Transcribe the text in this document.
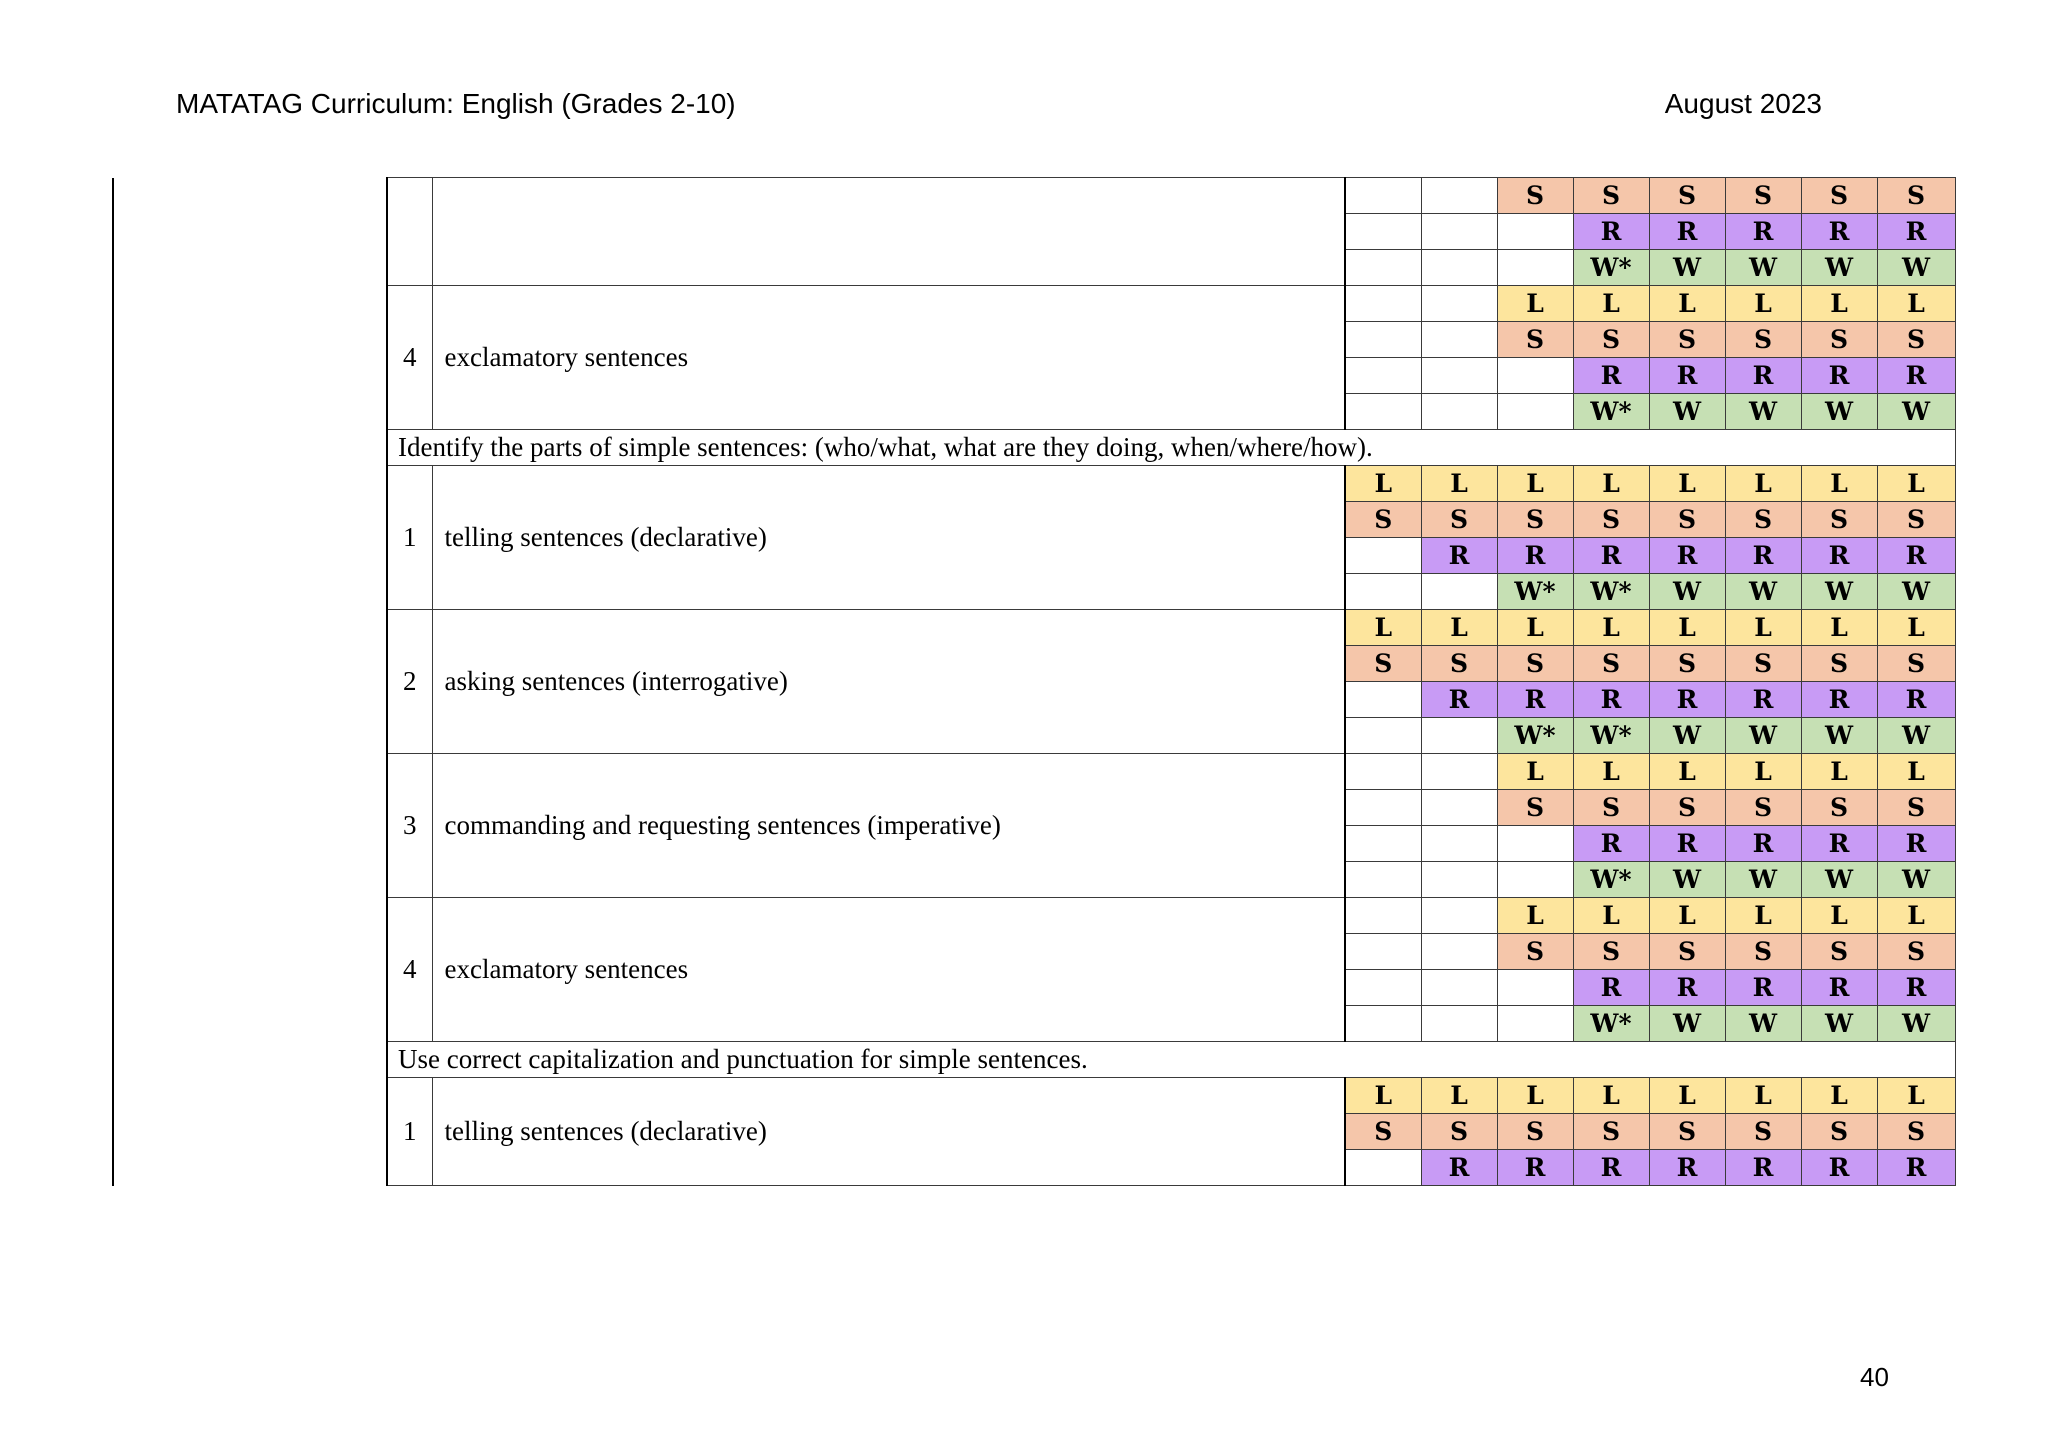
MATATAG Curriculum: English (Grades 2-10)	August 2023
					S	S	S	S	S	S
						R	R	R	R	R
						W*	W	W	W	W
	4	exclamatory sentences			L	L	L	L	L	L
					S	S	S	S	S	S
						R	R	R	R	R
						W*	W	W	W	W
	Identify the parts of simple sentences: (who/what, what are they doing, when/where/how).									
	1	telling sentences (declarative)	L	L	L	L	L	L	L	L
			S	S	S	S	S	S	S	S
				R	R	R	R	R	R	R
					W*	W*	W	W	W	W
	2	asking sentences (interrogative)	L	L	L	L	L	L	L	L
			S	S	S	S	S	S	S	S
				R	R	R	R	R	R	R
					W*	W*	W	W	W	W
	3	commanding and requesting sentences (imperative)			L	L	L	L	L	L
					S	S	S	S	S	S
						R	R	R	R	R
						W*	W	W	W	W
	4	exclamatory sentences			L	L	L	L	L	L
					S	S	S	S	S	S
						R	R	R	R	R
						W*	W	W	W	W
	Use correct capitalization and punctuation for simple sentences.									
	1	telling sentences (declarative)	L	L	L	L	L	L	L	L
			S	S	S	S	S	S	S	S
				R	R	R	R	R	R	R
40
